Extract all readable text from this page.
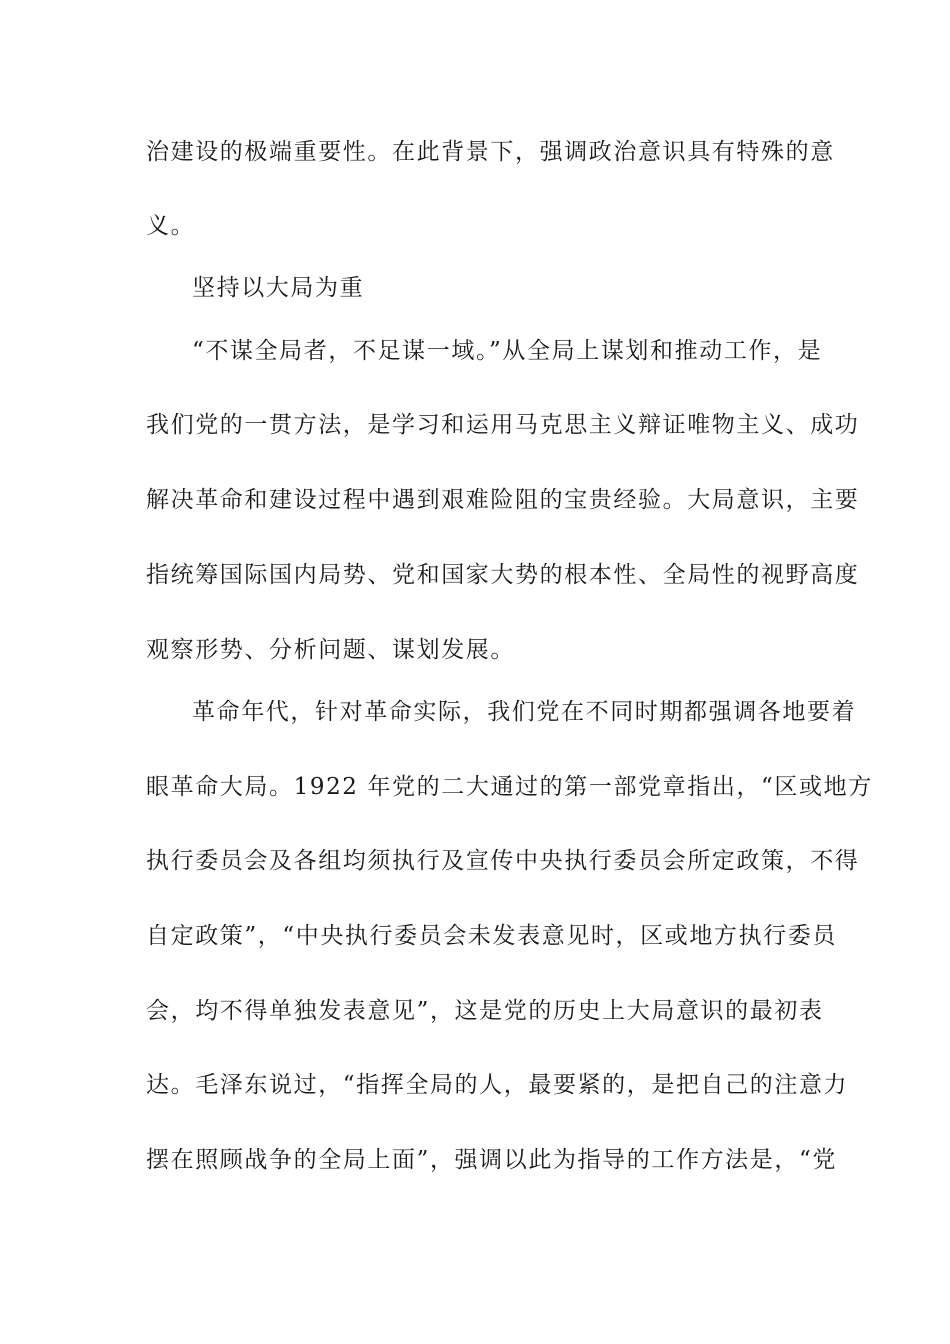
治建设的极端重要性。在此背景下，强调政治意识具有特殊的意
义。
坚持以大局为重
“不谋全局者，不足谋一域。”从全局上谋划和推动工作，是
我们党的一贯方法，是学习和运用马克思主义辩证唯物主义、成功
解决革命和建设过程中遇到艰难险阻的宝贵经验。大局意识，主要
指统筹国际国内局势、党和国家大势的根本性、全局性的视野高度
观察形势、分析问题、谋划发展。
革命年代，针对革命实际，我们党在不同时期都强调各地要着
眼革命大局。1922 年党的二大通过的第一部党章指出，“区或地方
执行委员会及各组均须执行及宣传中央执行委员会所定政策，不得
自定政策”，“中央执行委员会未发表意见时，区或地方执行委员
会，均不得单独发表意见”，这是党的历史上大局意识的最初表
达。毛泽东说过，“指挥全局的人，最要紧的，是把自己的注意力
摆在照顾战争的全局上面”，强调以此为指导的工作方法是，“党
